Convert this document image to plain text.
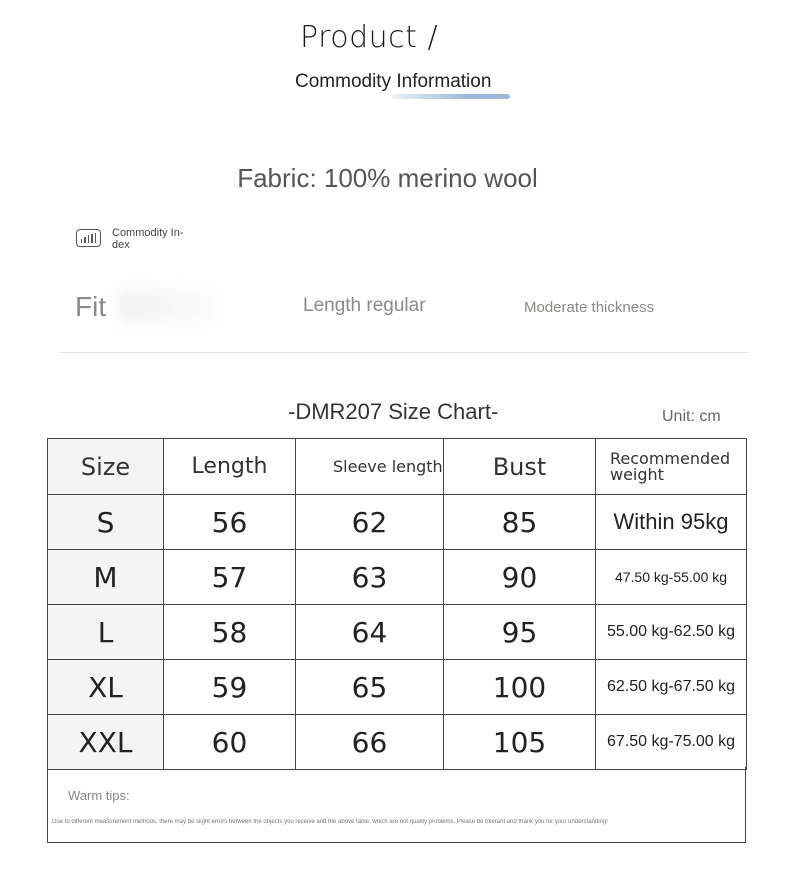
Product /
Commodity Information
Fabric: 100% merino wool
Commodity In-dex
Fit	Length regular	Moderate thickness
-DMR207 Size Chart-	Unit: cm
Size	Length	Sleeve length	Bust	Recommended weight
S	56	62	85	Within 95kg
M	57	63	90	47.50 kg-55.00 kg
L	58	64	95	55.00 kg-62.50 kg
XL	59	65	100	62.50 kg-67.50 kg
XXL	60	66	105	67.50 kg-75.00 kg
Warm tips:
Due to different measurement methods, there may be slight errors between the objects you receive and the above table, which are not quality problems. Please be tolerant and thank you for your understanding!
